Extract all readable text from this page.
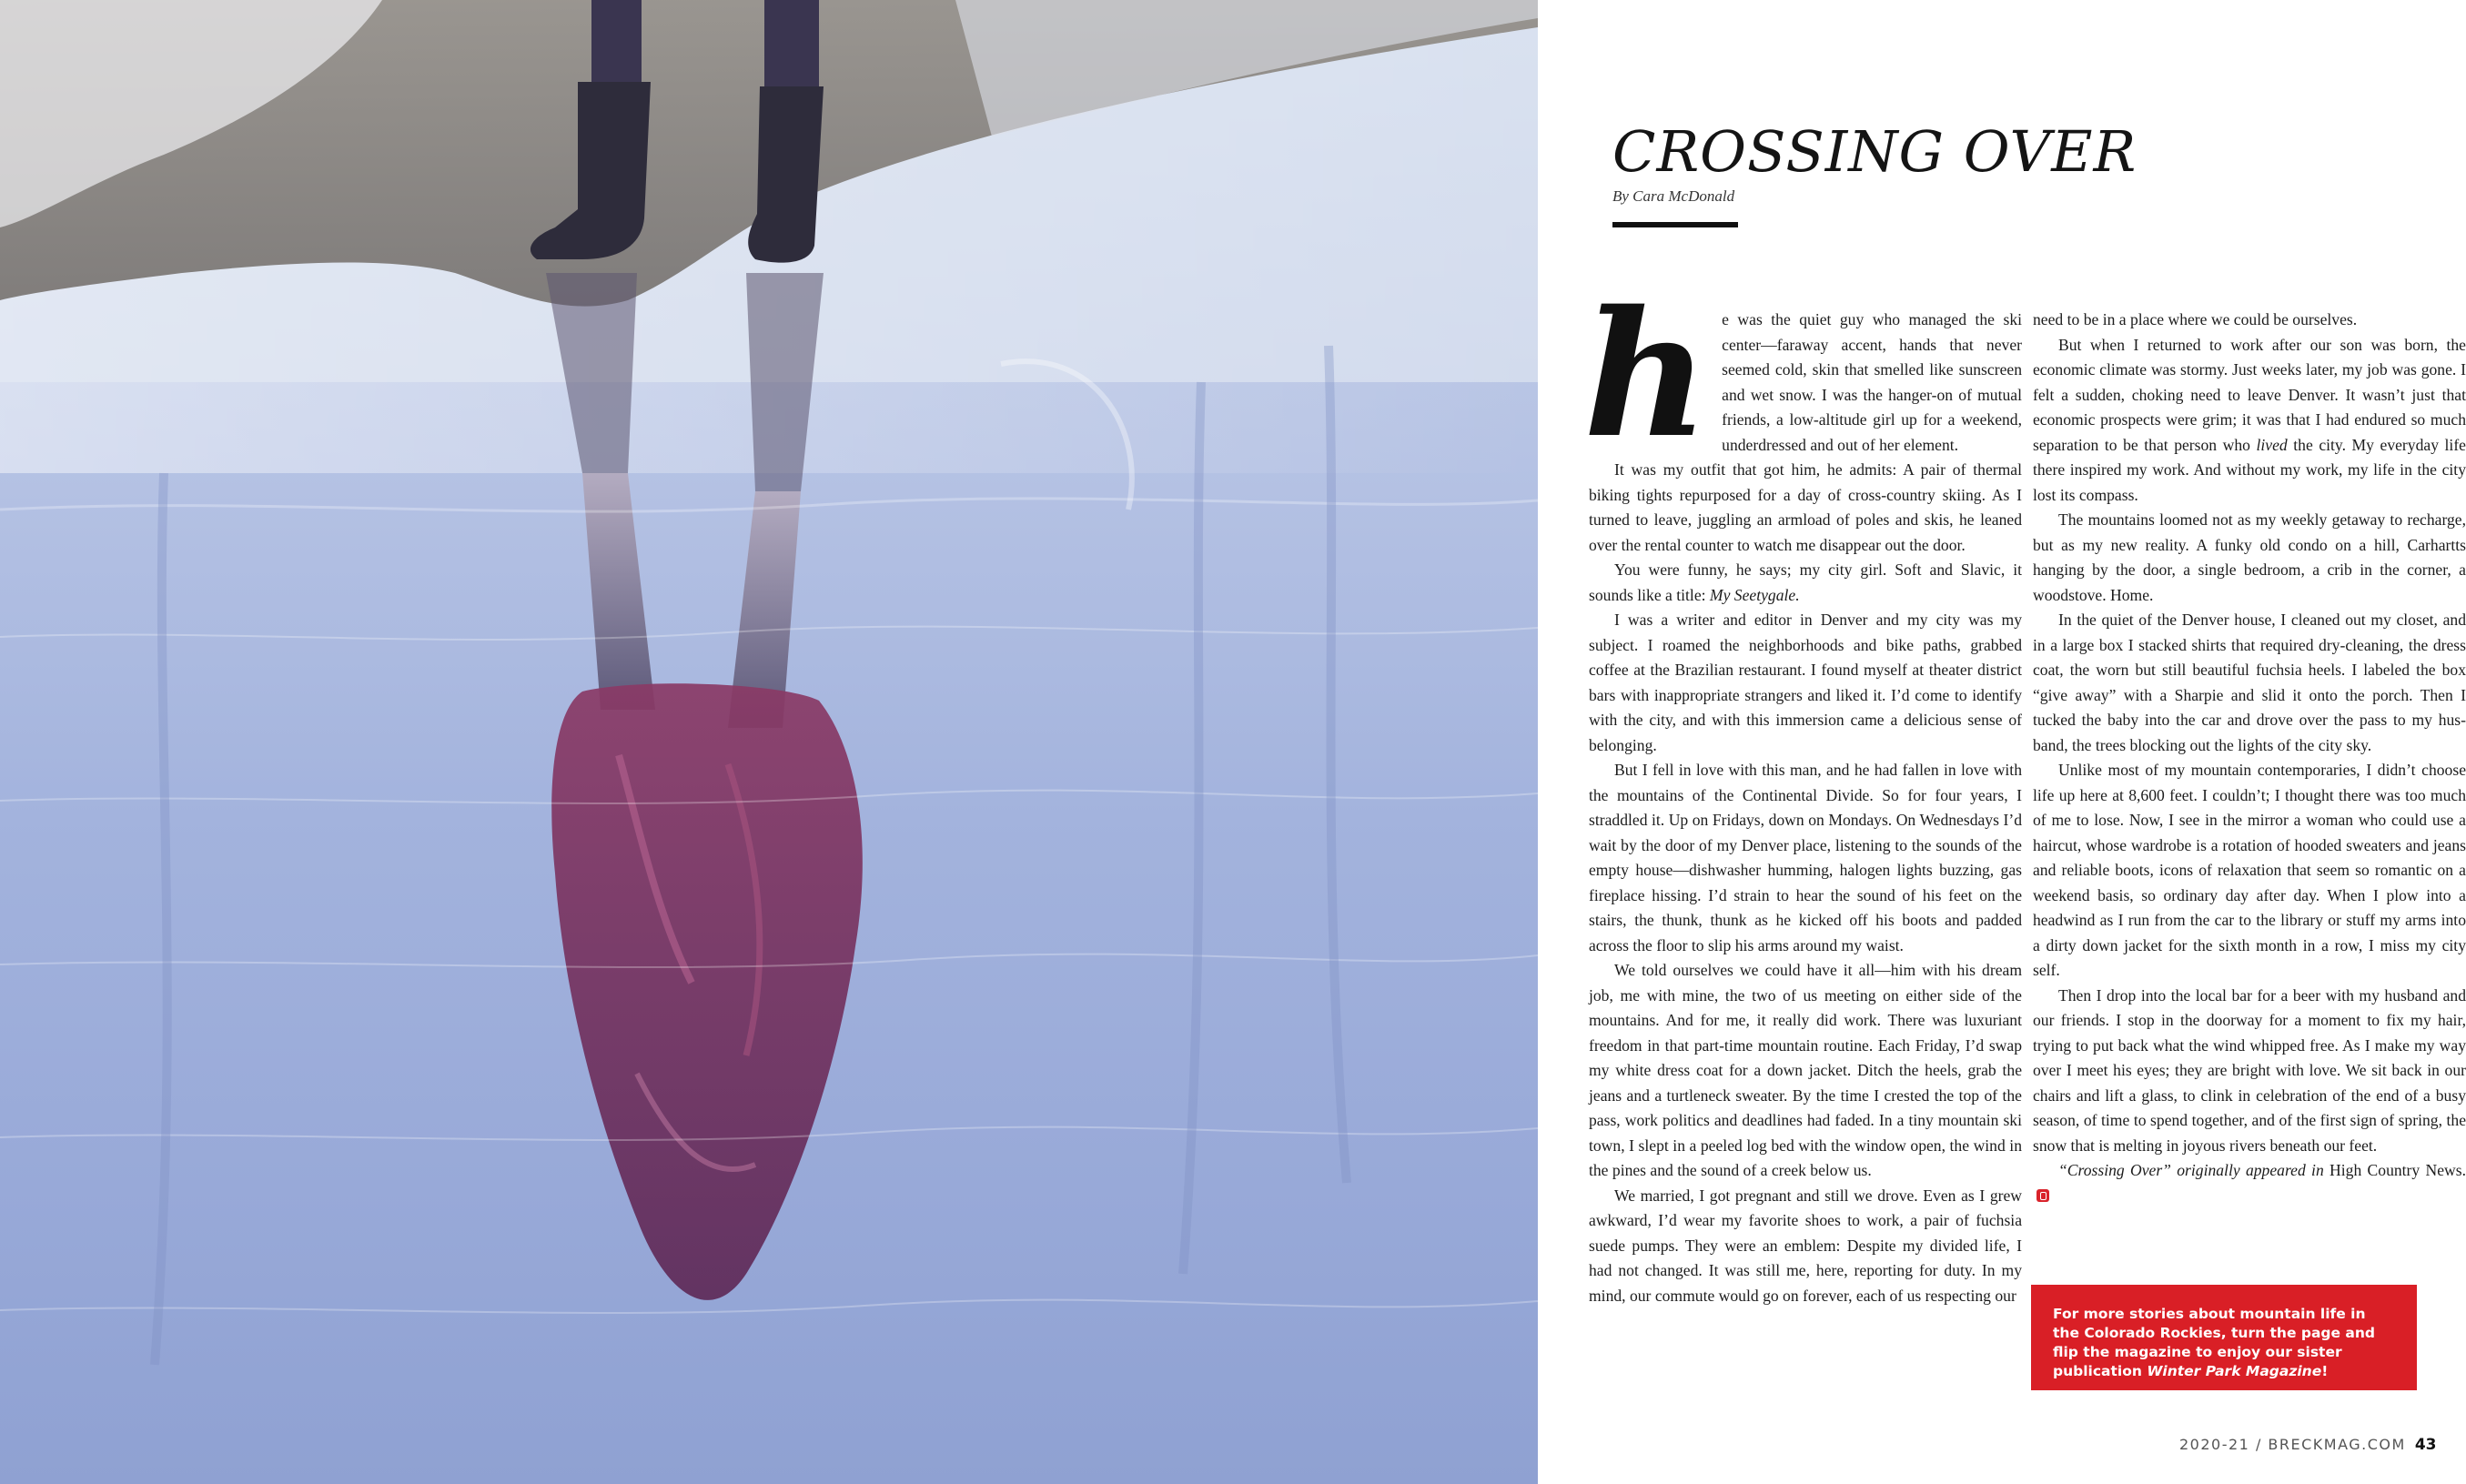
CROSSING OVER
By Cara McDonald

h e was the quiet guy who managed the ski center—faraway accent, hands that never seemed cold, skin that smelled like sunscreen and wet snow. I was the hanger-on of mutual friends, a low-altitude girl up for a weekend, underdressed and out of her element.

It was my outfit that got him, he admits: A pair of thermal biking tights repurposed for a day of cross-country skiing. As I turned to leave, juggling an armload of poles and skis, he leaned over the rental counter to watch me disappear out the door.

You were funny, he says; my city girl. Soft and Slavic, it sounds like a title: My Seetygale.

I was a writer and editor in Denver and my city was my subject. I roamed the neighborhoods and bike paths, grabbed coffee at the Brazilian restaurant. I found myself at theater district bars with inappropriate strangers and liked it. I’d come to identify with the city, and with this immersion came a delicious sense of belonging.

But I fell in love with this man, and he had fallen in love with the mountains of the Continental Divide. So for four years, I straddled it. Up on Fridays, down on Mondays. On Wednesdays I’d wait by the door of my Denver place, listening to the sounds of the empty house—dishwasher humming, halogen lights buzzing, gas fireplace hissing. I’d strain to hear the sound of his feet on the stairs, the thunk, thunk as he kicked off his boots and padded across the floor to slip his arms around my waist.

We told ourselves we could have it all—him with his dream job, me with mine, the two of us meeting on either side of the mountains. And for me, it really did work. There was luxuriant freedom in that part-time mountain routine. Each Friday, I’d swap my white dress coat for a down jacket. Ditch the heels, grab the jeans and a turtleneck sweater. By the time I crested the top of the pass, work politics and deadlines had faded. In a tiny mountain ski town, I slept in a peeled log bed with the window open, the wind in the pines and the sound of a creek below us.

We married, I got pregnant and still we drove. Even as I grew awkward, I’d wear my favorite shoes to work, a pair of fuchsia suede pumps. They were an emblem: Despite my divided life, I had not changed. It was still me, here, reporting for duty. In my mind, our commute would go on forever, each of us respecting our

need to be in a place where we could be ourselves.

But when I returned to work after our son was born, the economic climate was stormy. Just weeks later, my job was gone. I felt a sudden, choking need to leave Denver. It wasn’t just that economic prospects were grim; it was that I had endured so much separation to be that person who lived the city. My everyday life there inspired my work. And without my work, my life in the city lost its compass.

The mountains loomed not as my weekly getaway to recharge, but as my new reality. A funky old condo on a hill, Carhartts hanging by the door, a single bedroom, a crib in the corner, a woodstove. Home.

In the quiet of the Denver house, I cleaned out my closet, and in a large box I stacked shirts that required dry-cleaning, the dress coat, the worn but still beautiful fuchsia heels. I labeled the box “give away” with a Sharpie and slid it onto the porch. Then I tucked the baby into the car and drove over the pass to my husband, the trees blocking out the lights of the city sky.

Unlike most of my mountain contemporaries, I didn’t choose life up here at 8,600 feet. I couldn’t; I thought there was too much of me to lose. Now, I see in the mirror a woman who could use a haircut, whose wardrobe is a rotation of hooded sweaters and jeans and reliable boots, icons of relaxation that seem so romantic on a weekend basis, so ordinary day after day. When I plow into a headwind as I run from the car to the library or stuff my arms into a dirty down jacket for the sixth month in a row, I miss my city self.

Then I drop into the local bar for a beer with my husband and our friends. I stop in the doorway for a moment to fix my hair, trying to put back what the wind whipped free. As I make my way over I meet his eyes; they are bright with love. We sit back in our chairs and lift a glass, to clink in celebration of the end of a busy season, of time to spend together, and of the first sign of spring, the snow that is melting in joyous rivers beneath our feet.

“Crossing Over” originally appeared in High Country News.

For more stories about mountain life in the Colorado Rockies, turn the page and flip the magazine to enjoy our sister publication Winter Park Magazine!
2020-21 / BRECKMAG.COM 43
